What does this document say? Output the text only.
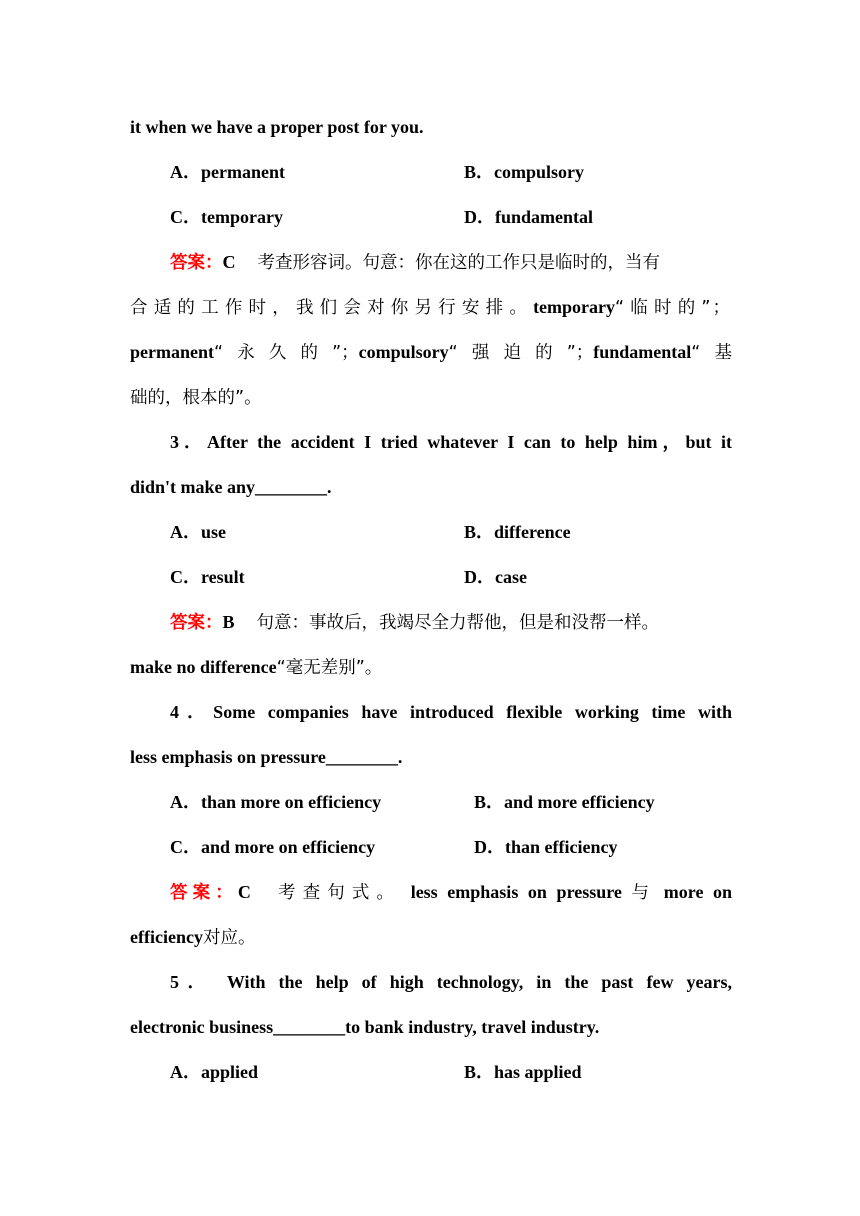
it when we have a proper post for you.
A．permanent	B．compulsory
C．temporary	D．fundamental
答案：C 考查形容词。句意：你在这的工作只是临时的，当有
合适的工作时，我们会对你另行安排。temporary“临时的”；
permanent“永久的”；compulsory“强迫的”；fundamental“基
础的，根本的”。
3．After the accident I tried whatever I can to help him，but it
didn't make any________.
A．use	B．difference
C．result	D．case
答案：B 句意：事故后，我竭尽全力帮他，但是和没帮一样。
make no difference“毫无差别”。
4．Some companies have introduced flexible working time with
less emphasis on pressure________.
A．than more on efficiency	B．and more efficiency
C．and more on efficiency	D．than efficiency
答案：C 考查句式。 less emphasis on pressure 与 more on
efficiency对应。
5． With the help of high technology, in the past few years,
electronic business________to bank industry, travel industry.
A．applied	B．has applied
